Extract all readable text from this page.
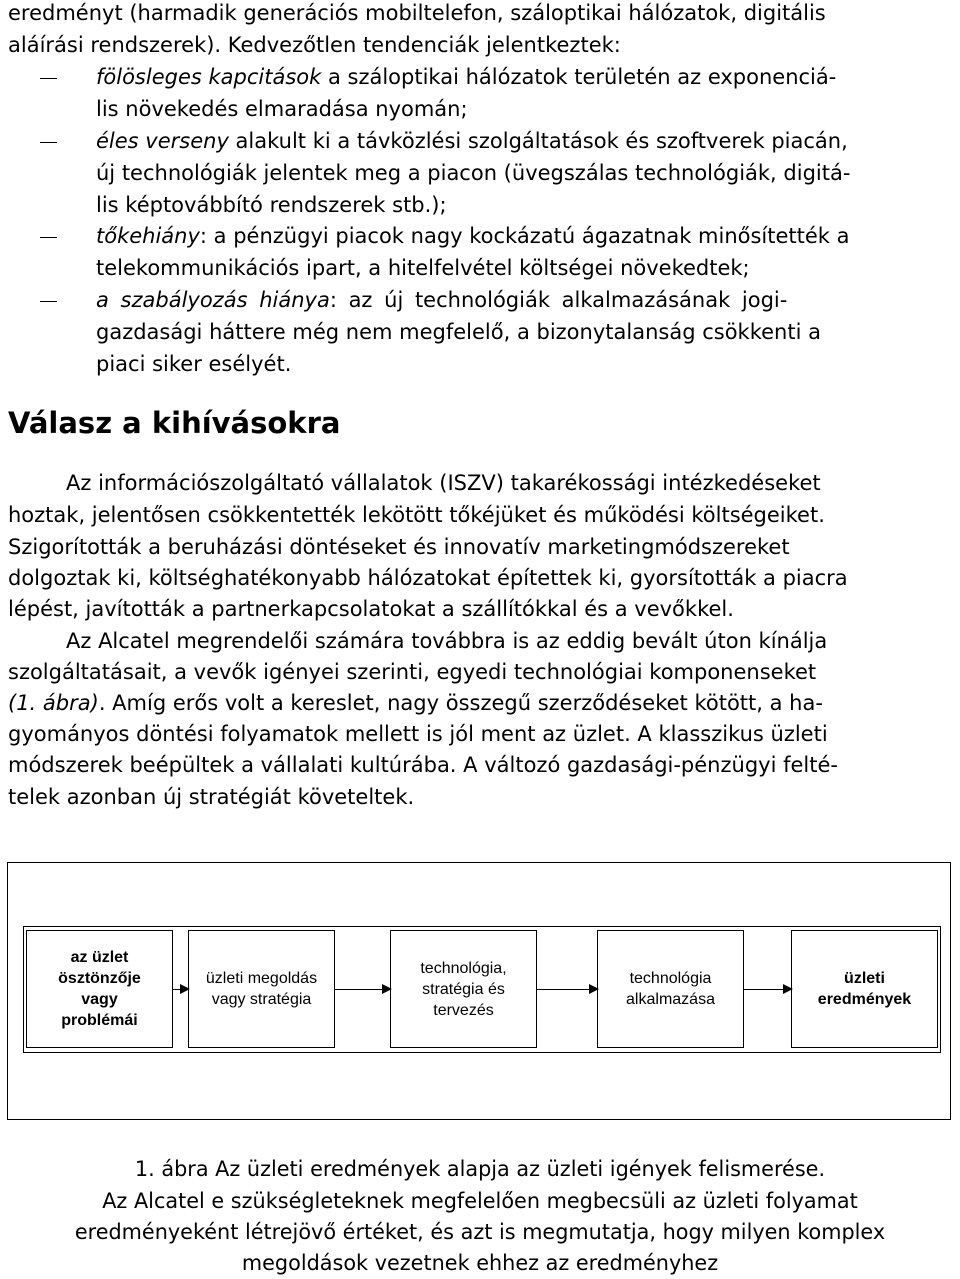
eredményt (harmadik generációs mobiltelefon, száloptikai hálózatok, digitális
aláírási rendszerek). Kedvezőtlen tendenciák jelentkeztek:
fölösleges kapcitások a száloptikai hálózatok területén az exponenciá-
lis növekedés elmaradása nyomán;
éles verseny alakult ki a távközlési szolgáltatások és szoftverek piacán,
új technológiák jelentek meg a piacon (üvegszálas technológiák, digitá-
lis képtovábbító rendszerek stb.);
tőkehiány: a pénzügyi piacok nagy kockázatú ágazatnak minősítették a
telekommunikációs ipart, a hitelfelvétel költségei növekedtek;
a szabályozás hiánya: az új technológiák alkalmazásának jogi-
gazdasági háttere még nem megfelelő, a bizonytalanság csökkenti a
piaci siker esélyét.
Válasz a kihívásokra
Az információszolgáltató vállalatok (ISZV) takarékossági intézkedéseket
hoztak, jelentősen csökkentették lekötött tőkéjüket és működési költségeiket.
Szigorították a beruházási döntéseket és innovatív marketingmódszereket
dolgoztak ki, költséghatékonyabb hálózatokat építettek ki, gyorsították a piacra
lépést, javították a partnerkapcsolatokat a szállítókkal és a vevőkkel.
Az Alcatel megrendelői számára továbbra is az eddig bevált úton kínálja
szolgáltatásait, a vevők igényei szerinti, egyedi technológiai komponenseket
(1. ábra). Amíg erős volt a kereslet, nagy összegű szerződéseket kötött, a ha-
gyományos döntési folyamatok mellett is jól ment az üzlet. A klasszikus üzleti
módszerek beépültek a vállalati kultúrába. A változó gazdasági-pénzügyi felté-
telek azonban új stratégiát követeltek.
az üzlet
ösztönzője
vagy
problémái
üzleti megoldás
vagy stratégia
technológia,
stratégia és
tervezés
technológia
alkalmazása
üzleti
eredmények
1. ábra Az üzleti eredmények alapja az üzleti igények felismerése.
Az Alcatel e szükségleteknek megfelelően megbecsüli az üzleti folyamat
eredményeként létrejövő értéket, és azt is megmutatja, hogy milyen komplex
megoldások vezetnek ehhez az eredményhez
